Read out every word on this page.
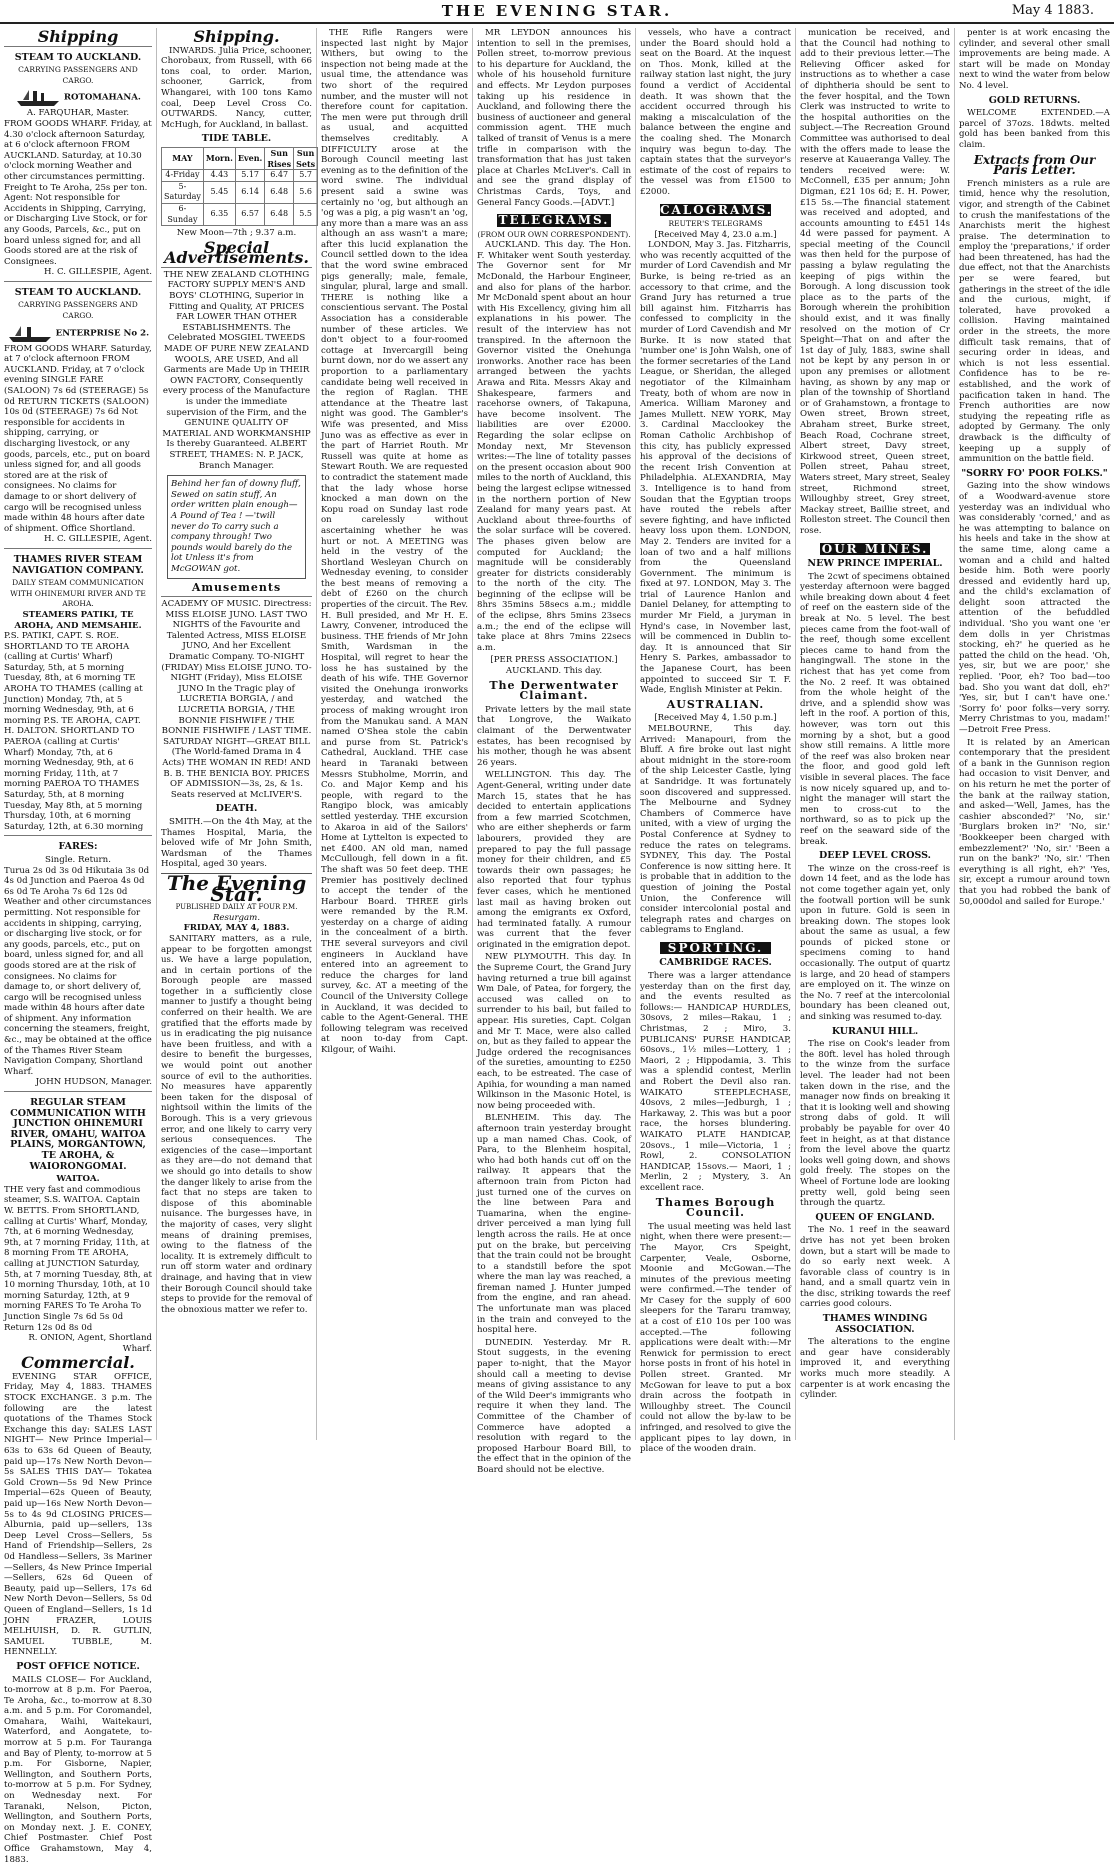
THE EVENING STAR.	May 4 1883.
Shipping
STEAM TO AUCKLAND.
CARRYING PASSENGERS AND CARGO.
ROTOMAHANA.
A. FARQUHAR, Master.

FROM GOODS WHARF. Friday, at 4.30 o'clock afternoon Saturday, at 6 o'clock afternoon FROM AUCKLAND. Saturday, at 10.30 o'clock morning Weather and other circumstances permitting. Freight to Te Aroha, 25s per ton. Agent: Not responsible for Accidents in Shipping, Carrying, or Discharging Live Stock, or for any Goods, Parcels, &c., put on board unless signed for, and all Goods stored are at the risk of Consignees.

H. C. GILLESPIE, Agent.
STEAM TO AUCKLAND.
CARRYING PASSENGERS AND CARGO.
ENTERPRISE No 2.

FROM GOODS WHARF. Saturday, at 7 o'clock afternoon FROM AUCKLAND. Friday, at 7 o'clock evening SINGLE FARE (SALOON) 7s 6d (STEERAGE) 5s 0d RETURN TICKETS (SALOON) 10s 0d (STEERAGE) 7s 6d Not responsible for accidents in shipping, carrying, or discharging livestock, or any goods, parcels, etc., put on board unless signed for, and all goods stored are at the risk of consignees. No claims for damage to or short delivery of cargo will be recognised unless made within 48 hours after date of shipment. Office Shortland.

H. C. GILLESPIE, Agent.
THAMES RIVER STEAM NAVIGATION COMPANY.
DAILY STEAM COMMUNICATION WITH OHINEMURI RIVER AND TE AROHA.
STEAMERS PATIKI, TE AROHA, AND MEMSAHIE.

P.S. PATIKI, CAPT. S. ROE. SHORTLAND TO TE AROHA (calling at Curtis' Wharf) Saturday, 5th, at 5 morning Tuesday, 8th, at 6 morning TE AROHA TO THAMES (calling at Junction) Monday, 7th, at 5 morning Wednesday, 9th, at 6 morning P.S. TE AROHA, CAPT. H. DALTON. SHORTLAND TO PAEROA (calling at Curtis' Wharf) Monday, 7th, at 6 morning Wednesday, 9th, at 6 morning Friday, 11th, at 7 morning PAEROA TO THAMES Saturday, 5th, at 8 morning Tuesday, May 8th, at 5 morning Thursday, 10th, at 6 morning Saturday, 12th, at 6.30 morning

FARES:
Single. Return.

Turua 2s 0d 3s 0d Hikutaia 3s 0d 4s 0d Junction and Paeroa 4s 0d 6s 0d Te Aroha 7s 6d 12s 0d Weather and other circumstances permitting. Not responsible for accidents in shipping, carrying, or discharging live stock, or for any goods, parcels, etc., put on board, unless signed for, and all goods stored are at the risk of consignees. No claims for damage to, or short delivery of, cargo will be recognised unless made within 48 hours after date of shipment. Any information concerning the steamers, freight, &c., may be obtained at the office of the Thames River Steam Navigation Company, Shortland Wharf.

JOHN HUDSON, Manager.
REGULAR STEAM COMMUNICATION WITH JUNCTION OHINEMURI RIVER, OMAHU, WAITOA PLAINS, MORGANTOWN, TE AROHA, & WAIORONGOMAI.
WAITOA.

THE very fast and commodious steamer, S.S. WAITOA. Captain W. BETTS. From SHORTLAND, calling at Curtis' Wharf, Monday, 7th, at 6 morning Wednesday, 9th, at 7 morning Friday, 11th, at 8 morning From TE AROHA, calling at JUNCTION Saturday, 5th, at 7 morning Tuesday, 8th, at 10 morning Thursday, 10th, at 10 morning Saturday, 12th, at 9 morning FARES To Te Aroha To Junction Single 7s 6d 5s 0d Return 12s 0d 8s 0d

R. ONION, Agent, Shortland Wharf.
Commercial.

EVENING STAR OFFICE, Friday, May 4, 1883. THAMES STOCK EXCHANGE. 3 p.m. The following are the latest quotations of the Thames Stock Exchange this day: SALES LAST NIGHT— New Prince Imperial—63s to 63s 6d Queen of Beauty, paid up—17s New North Devon—5s SALES THIS DAY— Tokatea Gold Crown—5s 9d New Prince Imperial—62s Queen of Beauty, paid up—16s New North Devon—5s to 4s 9d CLOSING PRICES— Alburnia, paid up—sellers, 13s Deep Level Cross—Sellers, 5s Hand of Friendship—Sellers, 2s 0d Handless—Sellers, 3s Mariner—Sellers, 4s New Prince Imperial—Sellers, 62s 6d Queen of Beauty, paid up—Sellers, 17s 6d New North Devon—Sellers, 5s 0d Queen of England—Sellers, 1s 1d JOHN FRAZER, LOUIS MELHUISH, D. R. GUTLIN, SAMUEL TUBBLE, M. HENNELLY.

POST OFFICE NOTICE.

MAILS CLOSE— For Auckland, to-morrow at 8 p.m. For Paeroa, Te Aroha, &c., to-morrow at 8.30 a.m. and 5 p.m. For Coromandel, Omahara, Waihi, Waitekauri, Waterford, and Aongatete, to-morrow at 5 p.m. For Tauranga and Bay of Plenty, to-morrow at 5 p.m. For Gisborne, Napier, Wellington, and Southern Ports, to-morrow at 5 p.m. For Sydney, on Wednesday next. For Taranaki, Nelson, Picton, Wellington, and Southern Ports, on Monday next. J. E. CONEY, Chief Postmaster. Chief Post Office Grahamstown, May 4, 1883.

Shipping.

INWARDS. Julia Price, schooner, Chorobaux, from Russell, with 66 tons coal, to order. Marion, schooner, Garrick, from Whangarei, with 100 tons Kamo coal, Deep Level Cross Co. OUTWARDS. Nancy, cutter, McHugh, for Auckland, in ballast.

TIDE TABLE.
MAY	Morn.	Even.	Sun Rises	Sun Sets
4-Friday	4.43	5.17	6.47	5.7
5-Saturday	5.45	6.14	6.48	5.6
6-Sunday	6.35	6.57	6.48	5.5
New Moon—7th ; 9.37 a.m.
Special Advertisements.

THE NEW ZEALAND CLOTHING FACTORY SUPPLY MEN'S AND BOYS' CLOTHING, Superior in Fitting and Quality, AT PRICES FAR LOWER THAN OTHER ESTABLISHMENTS. The Celebrated MOSGIEL TWEEDS MADE OF PURE NEW ZEALAND WOOLS, ARE USED, And all Garments are Made Up in THEIR OWN FACTORY, Consequently every process of the Manufacture is under the immediate supervision of the Firm, and the GENUINE QUALITY OF MATERIAL AND WORKMANSHIP Is thereby Guaranteed. ALBERT STREET, THAMES: N. P. JACK, Branch Manager.

Behind her fan of downy fluff, Sewed on satin stuff, An order written plain enough— A Pound of Tea ! —'twill never do To carry such a company through! Two pounds would barely do the lot Unless it's from McGOWAN got.

Amusements

ACADEMY OF MUSIC. Directress: MISS ELOISE JUNO. LAST TWO NIGHTS of the Favourite and Talented Actress, MISS ELOISE JUNO, And her Excellent Dramatic Company. TO-NIGHT (FRIDAY) Miss ELOISE JUNO. TO-NIGHT (Friday), Miss ELOISE JUNO In the Tragic play of LUCRETIA BORGIA, / and LUCRETIA BORGIA, / THE BONNIE FISHWIFE / THE BONNIE FISHWIFE / LAST TIME. SATURDAY NIGHT—GREAT BILL (The World-famed Drama in 4 Acts) THE WOMAN IN RED! AND B. B. THE BENICIA BOY. PRICES OF ADMISSION—3s, 2s, & 1s. Seats reserved at McLIVER'S.

DEATH.

SMITH.—On the 4th May, at the Thames Hospital, Maria, the beloved wife of Mr John Smith, Wardsman of the Thames Hospital, aged 30 years.

The Evening Star.
PUBLISHED DAILY AT FOUR P.M.
Resurgam.
FRIDAY, MAY 4, 1883.

SANITARY matters, as a rule, appear to be forgotten amongst us. We have a large population, and in certain portions of the Borough people are massed together in a sufficiently close manner to justify a thought being conferred on their health. We are gratified that the efforts made by us in eradicating the pig nuisance have been fruitless, and with a desire to benefit the burgesses, we would point out another source of evil to the authorities. No measures have apparently been taken for the disposal of nightsoil within the limits of the Borough. This is a very grievous error, and one likely to carry very serious consequences. The exigencies of the case—important as they are—do not demand that we should go into details to show the danger likely to arise from the fact that no steps are taken to dispose of this abominable nuisance. The burgesses have, in the majority of cases, very slight means of draining premises, owing to the flatness of the locality. It is extremely difficult to run off storm water and ordinary drainage, and having that in view their Borough Council should take steps to provide for the removal of the obnoxious matter we refer to.

THE Rifle Rangers were inspected last night by Major Withers, but owing to the inspection not being made at the usual time, the attendance was two short of the required number, and the muster will not therefore count for capitation. The men were put through drill as usual, and acquitted themselves creditably. A DIFFICULTY arose at the Borough Council meeting last evening as to the definition of the word swine. The individual present said a swine was certainly no 'og, but although an 'og was a pig, a pig wasn't an 'og, any more than a mare was an ass although an ass wasn't a mare; after this lucid explanation the Council settled down to the idea that the word swine embraced pigs generally; male, female, singular, plural, large and small. THERE is nothing like a conscientious servant. The Postal Association has a considerable number of these articles. We don't object to a four-roomed cottage at Invercargill being burnt down, nor do we assert any proportion to a parliamentary candidate being well received in the region of Raglan. THE attendance at the Theatre last night was good. The Gambler's Wife was presented, and Miss Juno was as effective as ever in the part of Harriet Routh. Mr Russell was quite at home as Stewart Routh. We are requested to contradict the statement made that the lady whose horse knocked a man down on the Kopu road on Sunday last rode on carelessly without ascertaining whether he was hurt or not. A MEETING was held in the vestry of the Shortland Wesleyan Church on Wednesday evening, to consider the best means of removing a debt of £260 on the church properties of the circuit. The Rev. H. Bull presided, and Mr H. E. Lawry, Convener, introduced the business. THE friends of Mr John Smith, Wardsman in the Hospital, will regret to hear the loss he has sustained by the death of his wife. THE Governor visited the Onehunga ironworks yesterday, and watched the process of making wrought iron from the Manukau sand. A MAN named O'Shea stole the cabin and purse from St. Patrick's Cathedral, Auckland. THE case heard in Taranaki between Messrs Stubholme, Morrin, and Co. and Major Kemp and his people, with regard to the Rangipo block, was amicably settled yesterday. THE excursion to Akaroa in aid of the Sailors' Home at Lyttelton is expected to net £400. AN old man, named McCullough, fell down in a fit. The shaft was 50 feet deep. THE Premier has positively declined to accept the tender of the Harbour Board. THREE girls were remanded by the R.M. yesterday on a charge of aiding in the concealment of a birth. THE several surveyors and civil engineers in Auckland have entered into an agreement to reduce the charges for land survey, &c. AT a meeting of the Council of the University College in Auckland, it was decided to cable to the Agent-General. THE following telegram was received at noon to-day from Capt. Kilgour, of Waihi.

MR LEYDON announces his intention to sell in the premises, Pollen street, to-morrow previous to his departure for Auckland, the whole of his household furniture and effects. Mr Leydon purposes taking up his residence in Auckland, and following there the business of auctioneer and general commission agent. THE much talked of transit of Venus is a mere trifle in comparison with the transformation that has just taken place at Charles McLiver's. Call in and see the grand display of Christmas Cards, Toys, and General Fancy Goods.—[ADVT.]

TELEGRAMS.
(FROM OUR OWN CORRESPONDENT).

AUCKLAND. This day. The Hon. F. Whitaker went South yesterday. The Governor sent for Mr McDonald, the Harbour Engineer, and also for plans of the harbor. Mr McDonald spent about an hour with His Excellency, giving him all explanations in his power. The result of the interview has not transpired. In the afternoon the Governor visited the Onehunga ironworks. Another race has been arranged between the yachts Arawa and Rita. Messrs Akay and Shakespeare, farmers and racehorse owners, of Takapuna, have become insolvent. The liabilities are over £2000. Regarding the solar eclipse on Monday next, Mr Stevenson writes:—The line of totality passes on the present occasion about 900 miles to the north of Auckland, this being the largest eclipse witnessed in the northern portion of New Zealand for many years past. At Auckland about three-fourths of the solar surface will be covered. The phases given below are computed for Auckland; the magnitude will be considerably greater for districts considerably to the north of the city. The beginning of the eclipse will be 8hrs 35mins 58secs a.m.; middle of the eclipse, 8hrs 5mins 23secs a.m.; the end of the eclipse will take place at 8hrs 7mins 22secs a.m.

[PER PRESS ASSOCIATION.] AUCKLAND. This day.
The Derwentwater Claimant.

Private letters by the mail state that Longrove, the Waikato claimant of the Derwentwater estates, has been recognised by his mother, though he was absent 26 years.

WELLINGTON. This day. The Agent-General, writing under date March 15, states that he has decided to entertain applications from a few married Scotchmen, who are either shepherds or farm labourers, provided they are prepared to pay the full passage money for their children, and £5 towards their own passages; he also reported that four typhus fever cases, which he mentioned last mail as having broken out among the emigrants ex Oxford, had terminated fatally. A rumour was current that the fever originated in the emigration depot.

NEW PLYMOUTH. This day. In the Supreme Court, the Grand Jury having returned a true bill against Wm Dale, of Patea, for forgery, the accused was called on to surrender to his bail, but failed to appear. His sureties, Capt. Colgan and Mr T. Mace, were also called on, but as they failed to appear the Judge ordered the recognisances of the sureties, amounting to £250 each, to be estreated. The case of Apihia, for wounding a man named Wilkinson in the Masonic Hotel, is now being proceeded with.

BLENHEIM. This day. The afternoon train yesterday brought up a man named Chas. Cook, of Para, to the Blenheim hospital, who had both hands cut off on the railway. It appears that the afternoon train from Picton had just turned one of the curves on the line between Para and Tuamarina, when the engine-driver perceived a man lying full length across the rails. He at once put on the brake, but perceiving that the train could not be brought to a standstill before the spot where the man lay was reached, a fireman named J. Hunter jumped from the engine, and ran ahead. The unfortunate man was placed in the train and conveyed to the hospital here.

DUNEDIN. Yesterday. Mr R. Stout suggests, in the evening paper to-night, that the Mayor should call a meeting to devise means of giving assistance to any of the Wild Deer's immigrants who require it when they land. The Committee of the Chamber of Commerce have adopted a resolution with regard to the proposed Harbour Board Bill, to the effect that in the opinion of the Board should not be elective.

vessels, who have a contract under the Board should hold a seat on the Board. At the inquest on Thos. Monk, killed at the railway station last night, the jury found a verdict of Accidental death. It was shown that the accident occurred through his making a miscalculation of the balance between the engine and the coaling shed. The Monarch inquiry was begun to-day. The captain states that the surveyor's estimate of the cost of repairs to the vessel was from £1500 to £2000.

CALOGRAMS.
REUTER'S TELEGRAMS
[Received May 4, 23.0 a.m.]

LONDON, May 3. Jas. Fitzharris, who was recently acquitted of the murder of Lord Cavendish and Mr Burke, is being re-tried as an accessory to that crime, and the Grand Jury has returned a true bill against him. Fitzharris has confessed to complicity in the murder of Lord Cavendish and Mr Burke. It is now stated that 'number one' is John Walsh, one of the former secretaries of the Land League, or Sheridan, the alleged negotiator of the Kilmainham Treaty, both of whom are now in America. William Maroney and James Mullett. NEW YORK, May 3. Cardinal Macclookey the Roman Catholic Archbishop of this city, has publicly expressed his approval of the decisions of the recent Irish Convention at Philadelphia. ALEXANDRIA, May 3. Intelligence is to hand from Soudan that the Egyptian troops have routed the rebels after severe fighting, and have inflicted heavy loss upon them. LONDON, May 2. Tenders are invited for a loan of two and a half millions from the Queensland Government. The minimum is fixed at 97. LONDON, May 3. The trial of Laurence Hanlon and Daniel Delaney, for attempting to murder Mr Field, a juryman in Hynd's case, in November last, will be commenced in Dublin to-day. It is announced that Sir Henry S. Parkes, ambassador to the Japanese Court, has been appointed to succeed Sir T. F. Wade, English Minister at Pekin.

AUSTRALIAN.
[Received May 4, 1.50 p.m.]

MELBOURNE, This day. Arrived: Manapouri, from the Bluff. A fire broke out last night about midnight in the store-room of the ship Leicester Castle, lying at Sandridge. It was fortunately soon discovered and suppressed. The Melbourne and Sydney Chambers of Commerce have united, with a view of urging the Postal Conference at Sydney to reduce the rates on telegrams. SYDNEY, This day. The Postal Conference is now sitting here. It is probable that in addition to the question of joining the Postal Union, the Conference will consider intercolonial postal and telegraph rates and charges on cablegrams to England.

SPORTING.
CAMBRIDGE RACES.

There was a larger attendance yesterday than on the first day, and the events resulted as follows:— HANDICAP HURDLES, 30sovs, 2 miles—Rakau, 1 ; Christmas, 2 ; Miro, 3. PUBLICANS' PURSE HANDICAP, 60sovs., 1½ miles—Lottery, 1 ; Maori, 2 ; Hippodamia, 3. This was a splendid contest, Merlin and Robert the Devil also ran. WAIKATO STEEPLECHASE, 40sovs, 2 miles—Jedburgh, 1 ; Harkaway, 2. This was but a poor race, the horses blundering. WAIKATO PLATE HANDICAP, 20sovs., 1 mile—Victoria, 1 ; Rowl, 2. CONSOLATION HANDICAP, 15sovs.— Maori, 1 ; Merlin, 2 ; Mystery, 3. An excellent race.

Thames Borough Council.

The usual meeting was held last night, when there were present:—The Mayor, Crs Speight, Carpenter, Veale, Osborne, Moonie and McGowan.—The minutes of the previous meeting were confirmed.—The tender of Mr Casey for the supply of 600 sleepers for the Tararu tramway, at a cost of £10 10s per 100 was accepted.—The following applications were dealt with:—Mr Renwick for permission to erect horse posts in front of his hotel in Pollen street. Granted. Mr McGowan for leave to put a box drain across the footpath in Willoughby street. The Council could not allow the by-law to be infringed, and resolved to give the applicant pipes to lay down, in place of the wooden drain.

munication be received, and that the Council had nothing to add to their previous letter.—The Relieving Officer asked for instructions as to whether a case of diphtheria should be sent to the fever hospital, and the Town Clerk was instructed to write to the hospital authorities on the subject.—The Recreation Ground Committee was authorised to deal with the offers made to lease the reserve at Kauaeranga Valley. The tenders received were: W. McConnell, £35 per annum; John Digman, £21 10s 6d; E. H. Power, £15 5s.—The financial statement was received and adopted, and accounts amounting to £451 14s 4d were passed for payment. A special meeting of the Council was then held for the purpose of passing a bylaw regulating the keeping of pigs within the Borough. A long discussion took place as to the parts of the Borough wherein the prohibition should exist, and it was finally resolved on the motion of Cr Speight—That on and after the 1st day of July, 1883, swine shall not be kept by any person in or upon any premises or allotment having, as shown by any map or plan of the township of Shortland or of Grahamstown, a frontage to Owen street, Brown street, Abraham street, Burke street, Beach Road, Cochrane street, Albert street, Davy street, Kirkwood street, Queen street, Pollen street, Pahau street, Waters street, Mary street, Sealey street, Richmond street, Willoughby street, Grey street, Mackay street, Baillie street, and Rolleston street. The Council then rose.

OUR MINES.
NEW PRINCE IMPERIAL.

The 2cwt of specimens obtained yesterday afternoon were bagged while breaking down about 4 feet of reef on the eastern side of the break at No. 5 level. The best pieces came from the foot-wall of the reef, though some excellent pieces came to hand from the hangingwall. The stone in the richest that has yet come from the No. 2 reef. It was obtained from the whole height of the drive, and a splendid show was left in the roof. A portion of this, however, was torn out this morning by a shot, but a good show still remains. A little more of the reef was also broken near the floor, and good gold left visible in several places. The face is now nicely squared up, and to-night the manager will start the men to cross-cut to the northward, so as to pick up the reef on the seaward side of the break.

DEEP LEVEL CROSS.

The winze on the cross-reef is down 14 feet, and as the lode has not come together again yet, only the footwall portion will be sunk upon in future. Gold is seen in breaking down. The stopes look about the same as usual, a few pounds of picked stone or specimens coming to hand occasionally. The output of quartz is large, and 20 head of stampers are employed on it. The winze on the No. 7 reef at the intercolonial boundary has been cleaned out, and sinking was resumed to-day.

KURANUI HILL.

The rise on Cook's leader from the 80ft. level has holed through to the winze from the surface level. The leader had not been taken down in the rise, and the manager now finds on breaking it that it is looking well and showing strong dabs of gold. It will probably be payable for over 40 feet in height, as at that distance from the level above the quartz looks well going down, and shows gold freely. The stopes on the Wheel of Fortune lode are looking pretty well, gold being seen through the quartz.

QUEEN OF ENGLAND.

The No. 1 reef in the seaward drive has not yet been broken down, but a start will be made to do so early next week. A favorable class of country is in hand, and a small quartz vein in the disc, striking towards the reef carries good colours.

THAMES WINDING ASSOCIATION.

The alterations to the engine and gear have considerably improved it, and everything works much more steadily. A carpenter is at work encasing the cylinder.

penter is at work encasing the cylinder, and several other small improvements are being made. A start will be made on Monday next to wind the water from below No. 4 level.

GOLD RETURNS.

WELCOME EXTENDED.—A parcel of 37ozs. 18dwts. melted gold has been banked from this claim.

Extracts from Our Paris Letter.

French ministers as a rule are timid, hence why the resolution, vigor, and strength of the Cabinet to crush the manifestations of the Anarchists merit the highest praise. The determination to employ the 'preparations,' if order had been threatened, has had the due effect, not that the Anarchists per se were feared, but gatherings in the street of the idle and the curious, might, if tolerated, have provoked a collision. Having maintained order in the streets, the more difficult task remains, that of securing order in ideas, and which is not less essential. Confidence has to be re-established, and the work of pacification taken in hand. The French authorities are now studying the repeating rifle as adopted by Germany. The only drawback is the difficulty of keeping up a supply of ammunition on the battle field.

"SORRY FO' POOR FOLKS."

Gazing into the show windows of a Woodward-avenue store yesterday was an individual who was considerably 'corned,' and as he was attempting to balance on his heels and take in the show at the same time, along came a woman and a child and halted beside him. Both were poorly dressed and evidently hard up, and the child's exclamation of delight soon attracted the attention of the befuddled individual. 'Sho you want one 'er dem dolls in yer Christmas stocking, eh?' he queried as he patted the child on the head. 'Oh, yes, sir, but we are poor,' she replied. 'Poor, eh? Too bad—too bad. Sho you want dat doll, eh?' 'Yes, sir, but I can't have one.' 'Sorry fo' poor folks—very sorry. Merry Christmas to you, madam!' —Detroit Free Press.

It is related by an American contemporary that the president of a bank in the Gunnison region had occasion to visit Denver, and on his return he met the porter of the bank at the railway station, and asked—'Well, James, has the cashier absconded?' 'No, sir.' 'Burglars broken in?' 'No, sir.' 'Bookkeeper been charged with embezzlement?' 'No, sir.' 'Been a run on the bank?' 'No, sir.' 'Then everything is all right, eh?' 'Yes, sir, except a rumour around town that you had robbed the bank of 50,000dol and sailed for Europe.'
